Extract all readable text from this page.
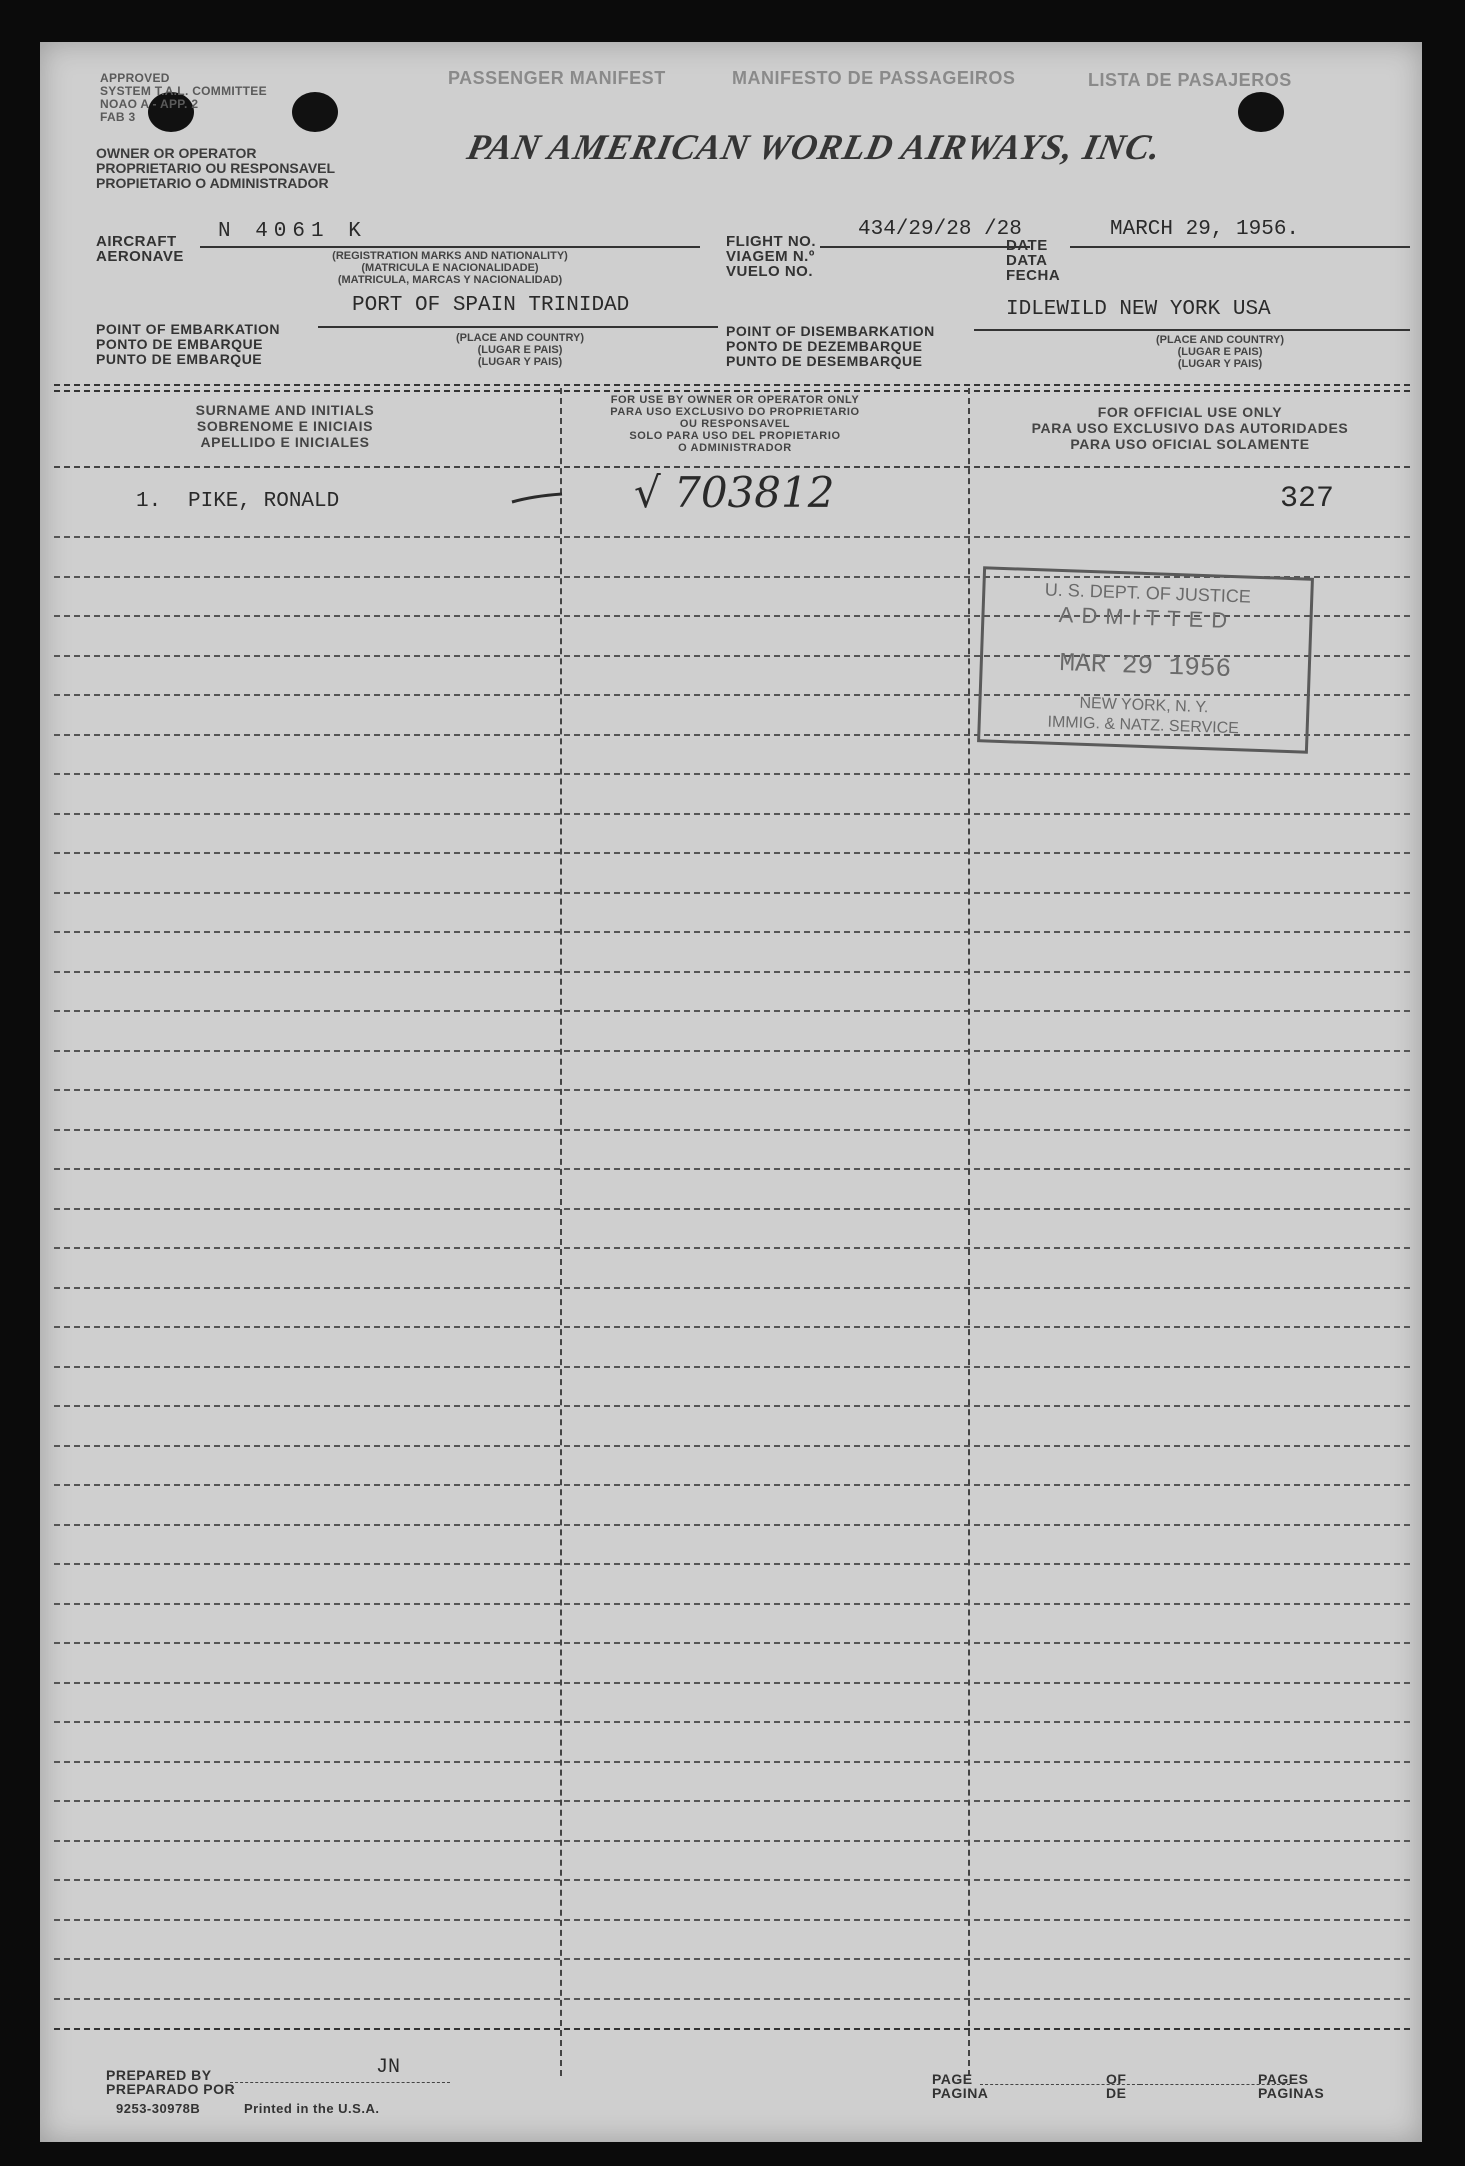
APPROVED
SYSTEM T.A.L. COMMITTEE
NOAO A - APP. 2
FAB 3
OWNER OR OPERATOR
PROPRIETARIO OU RESPONSAVEL
PROPIETARIO O ADMINISTRADOR
PASSENGER MANIFEST	MANIFESTO DE PASSAGEIROS	LISTA DE PASAJEROS
PAN AMERICAN WORLD AIRWAYS, INC.
AIRCRAFT
AERONAVE
N 4061 K
(REGISTRATION MARKS AND NATIONALITY)
(MATRICULA E NACIONALIDADE)
(MATRICULA, MARCAS Y NACIONALIDAD)
FLIGHT NO.
VIAGEM N.º
VUELO NO.
434/29/28 /28
DATE
DATA
FECHA
MARCH 29, 1956.
POINT OF EMBARKATION
PONTO DE EMBARQUE
PUNTO DE EMBARQUE
PORT OF SPAIN TRINIDAD
(PLACE AND COUNTRY)
(LUGAR E PAIS)
(LUGAR Y PAIS)
POINT OF DISEMBARKATION
PONTO DE DEZEMBARQUE
PUNTO DE DESEMBARQUE
IDLEWILD NEW YORK USA
(PLACE AND COUNTRY)
(LUGAR E PAIS)
(LUGAR Y PAIS)
SURNAME AND INITIALS
SOBRENOME E INICIAIS
APELLIDO E INICIALES
FOR USE BY OWNER OR OPERATOR ONLY
PARA USO EXCLUSIVO DO PROPRIETARIO
OU RESPONSAVEL
SOLO PARA USO DEL PROPIETARIO
O ADMINISTRADOR
FOR OFFICIAL USE ONLY
PARA USO EXCLUSIVO DAS AUTORIDADES
PARA USO OFICIAL SOLAMENTE
1. PIKE, RONALD	√ 703812	327
U. S. DEPT. OF JUSTICE
ADMITTED
MAR 29 1956
NEW YORK, N. Y.
IMMIG. & NATZ. SERVICE
PREPARED BY
PREPARADO POR
JN	PAGE
PAGINA
OF
DE
PAGES
PAGINAS
9253-30978B	Printed in the U.S.A.
